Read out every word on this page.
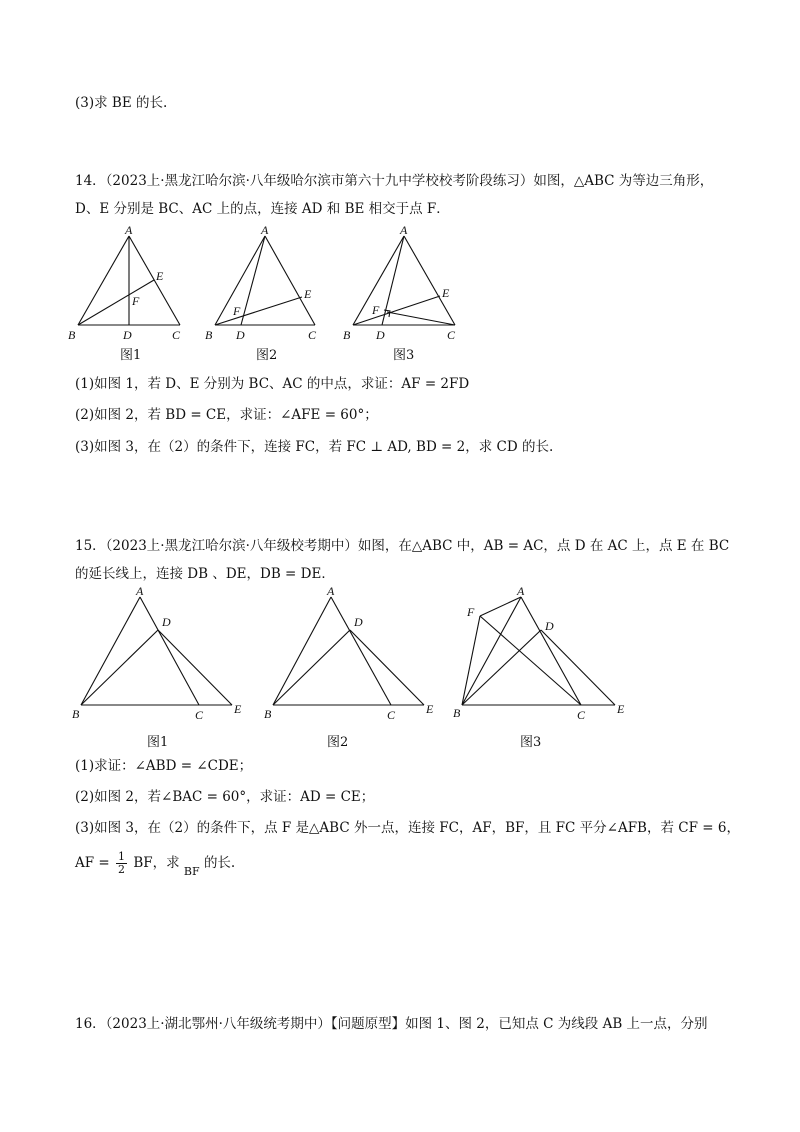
(3)求 BE 的长.
14．（2023上·黑龙江哈尔滨·八年级哈尔滨市第六十九中学校校考阶段练习）如图，△ABC 为等边三角形，
D、E 分别是 BC、AC 上的点，连接 AD 和 BE 相交于点 F．
A
B	C
D
E
F
图1
A
B	C
D
E
F
图2
A
B	C
D
E
F
图3
(1)如图 1，若 D、E 分别为 BC、AC 的中点，求证：AF = 2FD
(2)如图 2，若 BD = CE，求证：∠AFE = 60°；
(3)如图 3，在（2）的条件下，连接 FC，若 FC ⊥ AD, BD = 2，求 CD 的长.
15．（2023上·黑龙江哈尔滨·八年级校考期中）如图，在△ABC 中，AB = AC，点 D 在 AC 上，点 E 在 BC
的延长线上，连接 DB 、DE，DB = DE．
A
B	C
D
E
图1
A
B	C
D
E
图2
A
F
B	C
D
E
图3
(1)求证：∠ABD = ∠CDE；
(2)如图 2，若∠BAC = 60°，求证：AD = CE；
(3)如图 3，在（2）的条件下，点 F 是△ABC 外一点，连接 FC，AF，BF，且 FC 平分∠AFB，若 CF = 6，
AF = $\frac{1}{2}$ BF，求 $_{BF}$ 的长.
16．（2023上·湖北鄂州·八年级统考期中）【问题原型】如图 1、图 2，已知点 C 为线段 AB 上一点，分别
